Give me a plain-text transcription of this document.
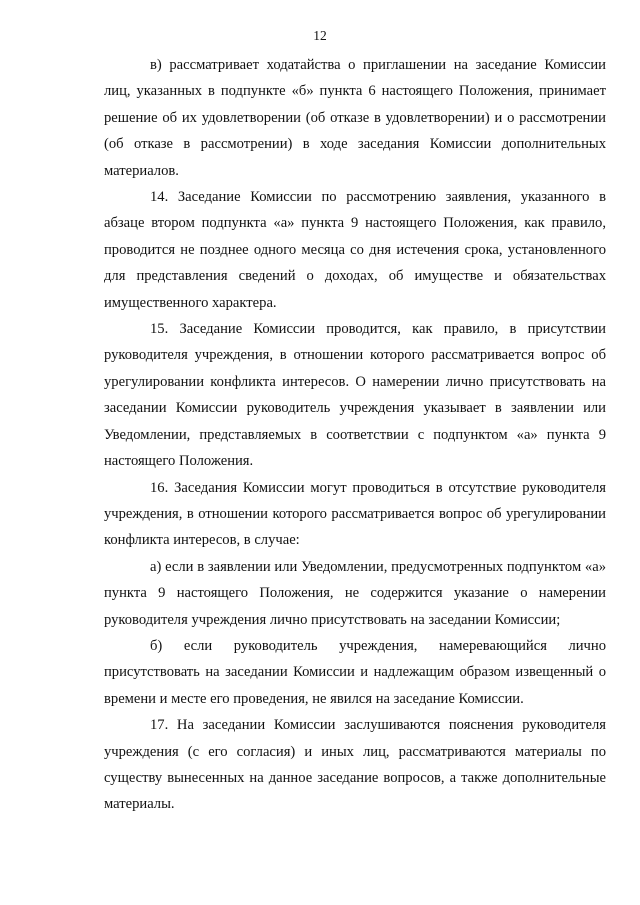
12

в) рассматривает ходатайства о приглашении на заседание Комиссии лиц, указанных в подпункте «б» пункта 6 настоящего Положения, принимает решение об их удовлетворении (об отказе в удовлетворении) и о рассмотрении (об отказе в рассмотрении) в ходе заседания Комиссии дополнительных материалов.

14. Заседание Комиссии по рассмотрению заявления, указанного в абзаце втором подпункта «а» пункта 9 настоящего Положения, как правило, проводится не позднее одного месяца со дня истечения срока, установленного для представления сведений о доходах, об имуществе и обязательствах имущественного характера.

15. Заседание Комиссии проводится, как правило, в присутствии руководителя учреждения, в отношении которого рассматривается вопрос об урегулировании конфликта интересов. О намерении лично присутствовать на заседании Комиссии руководитель учреждения указывает в заявлении или Уведомлении, представляемых в соответствии с подпунктом «а» пункта 9 настоящего Положения.

16. Заседания Комиссии могут проводиться в отсутствие руководителя учреждения, в отношении которого рассматривается вопрос об урегулировании конфликта интересов, в случае:

а) если в заявлении или Уведомлении, предусмотренных подпунктом «а» пункта 9 настоящего Положения, не содержится указание о намерении руководителя учреждения лично присутствовать на заседании Комиссии;

б) если руководитель учреждения, намеревающийся лично присутствовать на заседании Комиссии и надлежащим образом извещенный о времени и месте его проведения, не явился на заседание Комиссии.

17. На заседании Комиссии заслушиваются пояснения руководителя учреждения (с его согласия) и иных лиц, рассматриваются материалы по существу вынесенных на данное заседание вопросов, а также дополнительные материалы.
